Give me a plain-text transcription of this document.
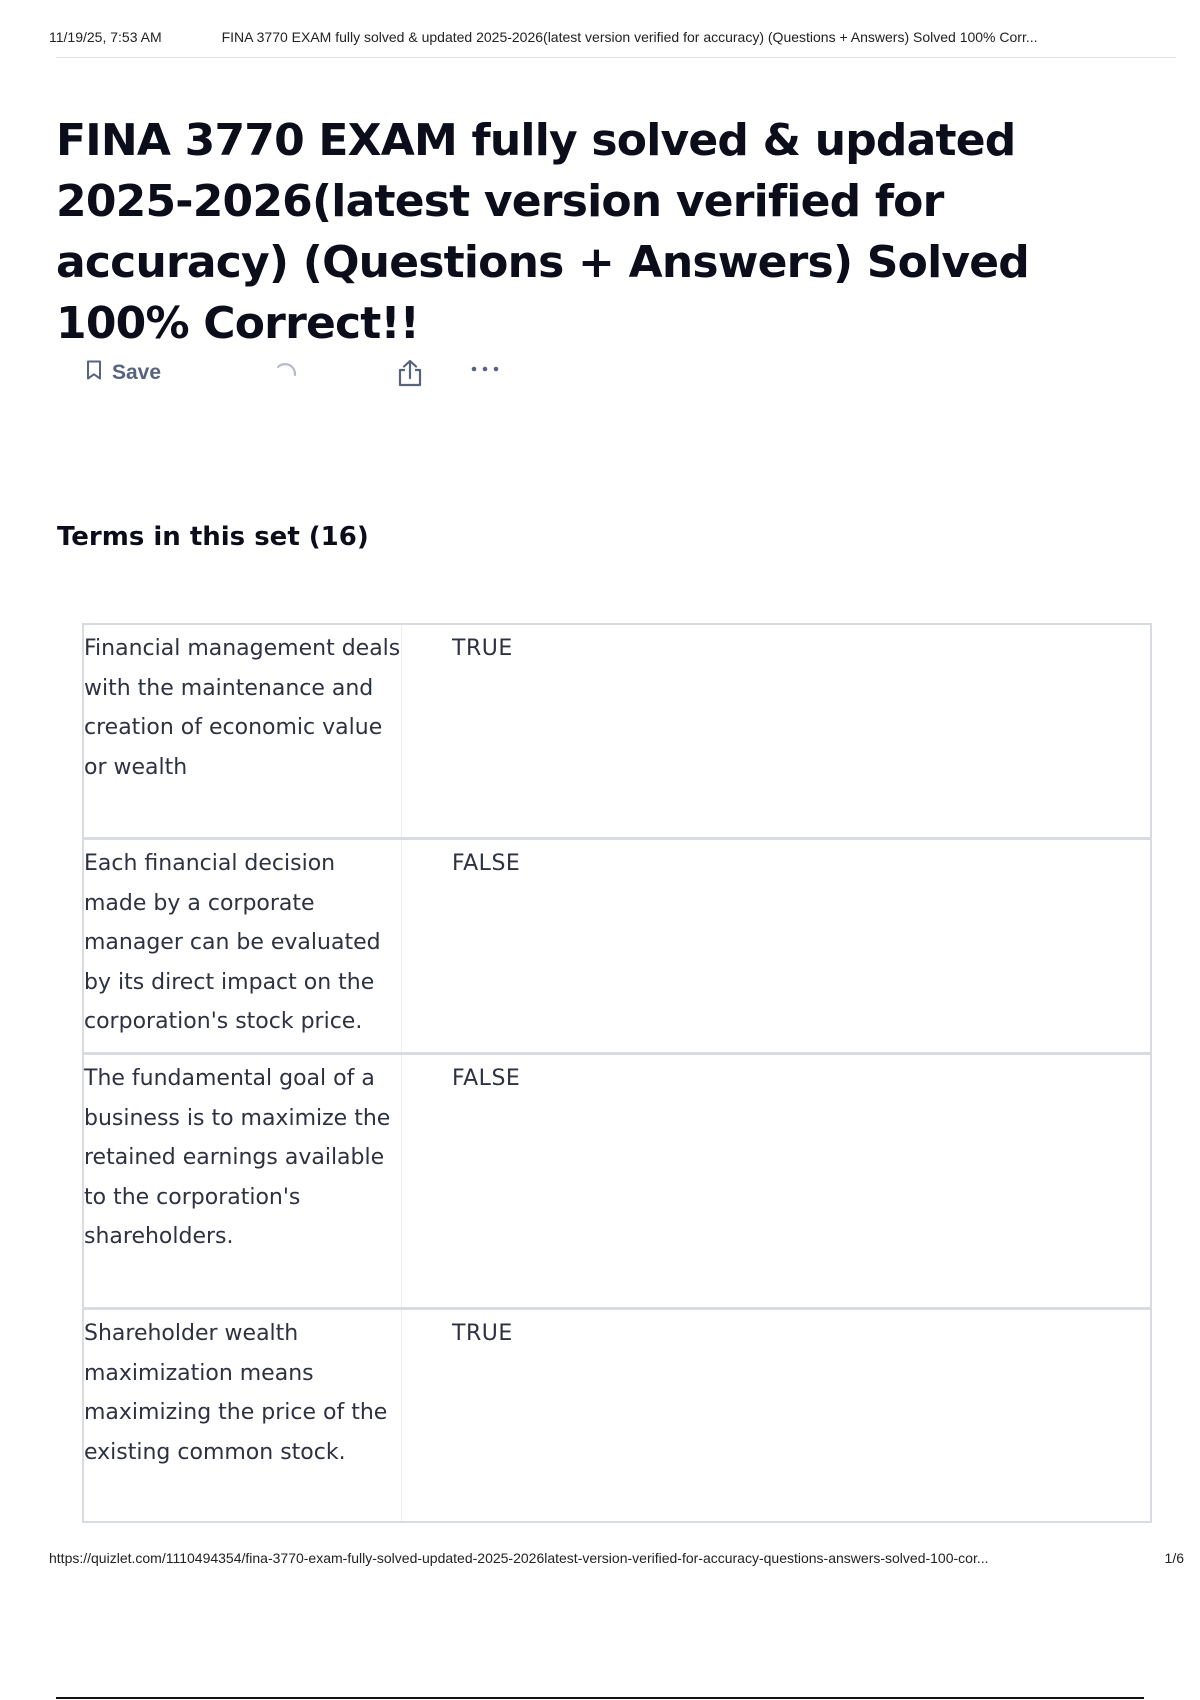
11/19/25, 7:53 AM	FINA 3770 EXAM fully solved & updated 2025-2026(latest version verified for accuracy) (Questions + Answers) Solved 100% Corr...
FINA 3770 EXAM fully solved & updated 2025-2026(latest version verified for accuracy) (Questions + Answers) Solved 100% Correct!!
Save
Terms in this set (16)
Financial management deals with the maintenance and creation of economic value or wealth
TRUE
Each financial decision made by a corporate manager can be evaluated by its direct impact on the corporation's stock price.
FALSE
The fundamental goal of a business is to maximize the retained earnings available to the corporation's shareholders.
FALSE
Shareholder wealth maximization means maximizing the price of the existing common stock.
TRUE
https://quizlet.com/1110494354/fina-3770-exam-fully-solved-updated-2025-2026latest-version-verified-for-accuracy-questions-answers-solved-100-cor...	1/6
